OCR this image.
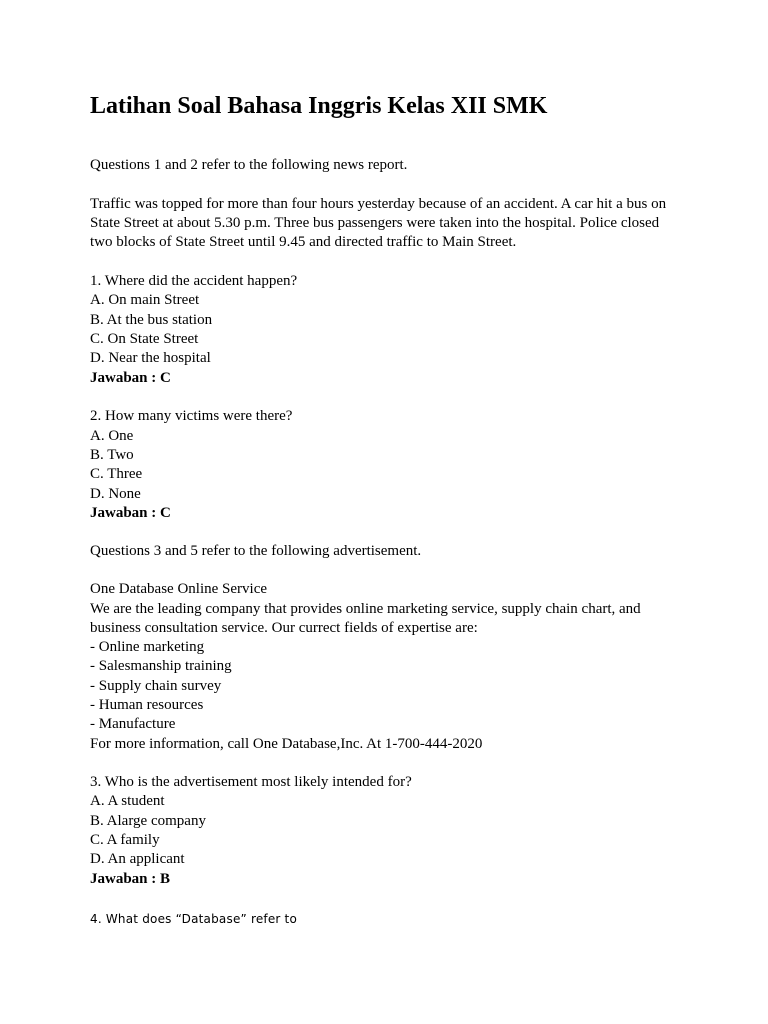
Latihan Soal Bahasa Inggris Kelas XII SMK
Questions 1 and 2 refer to the following news report.
Traffic was topped for more than four hours yesterday because of an accident. A car hit a bus on
State Street at about 5.30 p.m. Three bus passengers were taken into the hospital. Police closed
two blocks of State Street until 9.45 and directed traffic to Main Street.
1. Where did the accident happen?
A. On main Street
B. At the bus station
C. On State Street
D. Near the hospital
Jawaban : C
2. How many victims were there?
A. One
B. Two
C. Three
D. None
Jawaban : C
Questions 3 and 5 refer to the following advertisement.
One Database Online Service
We are the leading company that provides online marketing service, supply chain chart, and
business consultation service. Our currect fields of expertise are:
- Online marketing
- Salesmanship training
- Supply chain survey
- Human resources
- Manufacture
For more information, call One Database,Inc. At 1-700-444-2020
3. Who is the advertisement most likely intended for?
A. A student
B. Alarge company
C. A family
D. An applicant
Jawaban : B
4. What does “Database” refer to
